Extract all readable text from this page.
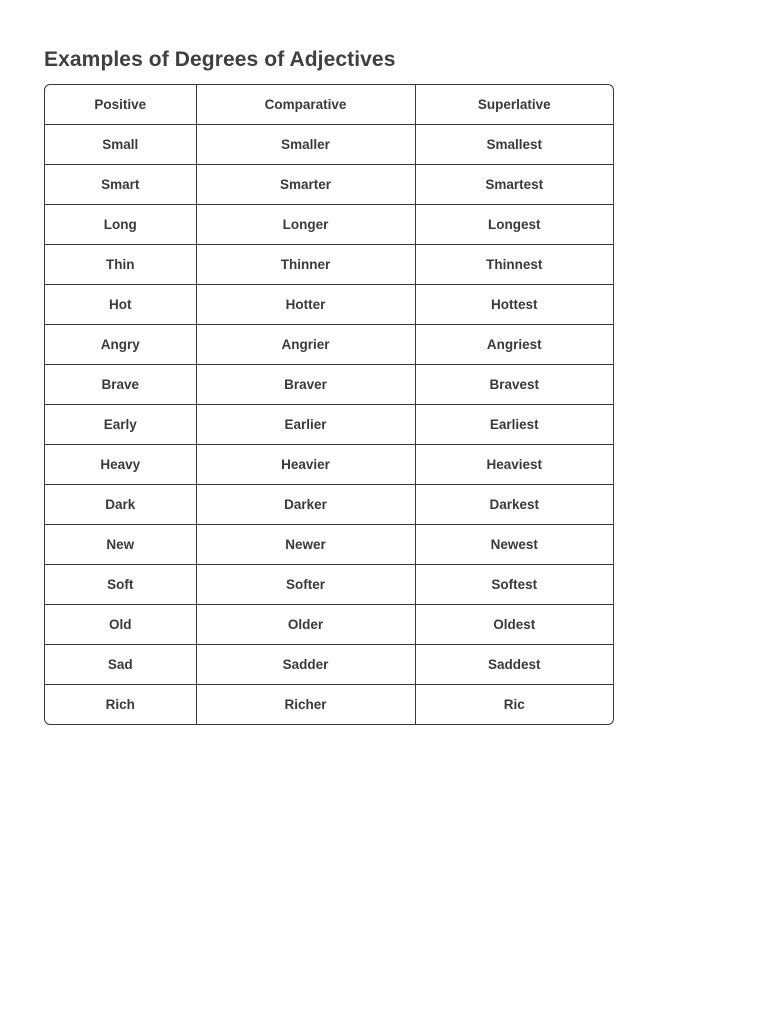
Examples of Degrees of Adjectives
Positive	Comparative	Superlative
Small	Smaller	Smallest
Smart	Smarter	Smartest
Long	Longer	Longest
Thin	Thinner	Thinnest
Hot	Hotter	Hottest
Angry	Angrier	Angriest
Brave	Braver	Bravest
Early	Earlier	Earliest
Heavy	Heavier	Heaviest
Dark	Darker	Darkest
New	Newer	Newest
Soft	Softer	Softest
Old	Older	Oldest
Sad	Sadder	Saddest
Rich	Richer	Ric
